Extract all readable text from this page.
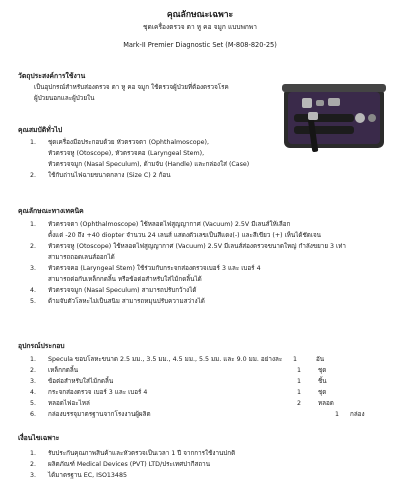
คุณลักษณะเฉพาะ
ชุดเครื่องตรวจ ตา หู คอ จมูก แบบพกพา
Mark-II Premier Diagnostic Set (M-808-820-25)
วัตถุประสงค์การใช้งาน
เป็นอุปกรณ์สำหรับส่องตรวจ ตา หู คอ จมูก ใช้ตรวจผู้ป่วยที่ต้องตรวจโรค
ผู้ป่วยนอกและผู้ป่วยใน
คุณสมบัติทั่วไป
1. ชุดเครื่องมือประกอบด้วย หัวตรวจตา (Ophthalmoscope),
หัวตรวจหู (Otoscope), หัวตรวจคอ (Laryngeal Stem),
หัวตรวจจมูก (Nasal Speculum), ด้ามจับ (Handle) และกล่องใส่ (Case)
2. ใช้กับถ่านไฟฉายขนาดกลาง (Size C) 2 ก้อน
คุณลักษณะทางเทคนิค
1. หัวตรวจตา (Ophthalmoscope) ใช้หลอดไฟสูญญากาศ (Vacuum) 2.5V มีเลนส์ให้เลือก
ตั้งแต่ -20 ถึง +40 diopter จำนวน 24 เลนส์ แสดงตัวเลขเป็นสีแดง(-) และสีเขียว (+) เห็นได้ชัดเจน
2. หัวตรวจหู (Otoscope) ใช้หลอดไฟสูญญากาศ (Vacuum) 2.5V มีเลนส์ส่องตรวจขนาดใหญ่ กำลังขยาย 3 เท่า
สามารถถอดเลนส์ออกได้
3. หัวตรวจคอ (Laryngeal Stem) ใช้ร่วมกับกระจกส่องตรวจเบอร์ 3 และ เบอร์ 4
สามารถต่อกับเหล็กกดลิ้น หรือข้อต่อสำหรับใส่ไม้กดลิ้นได้
4. หัวตรวจจมูก (Nasal Speculum) สามารถปรับกว้างได้
5. ด้ามจับตัวโลหะไม่เป็นสนิม สามารถหมุนปรับความสว่างได้
อุปกรณ์ประกอบ
1. Specula ขอบโลหะขนาด 2.5 มม., 3.5 มม., 4.5 มม., 5.5 มม. และ 9.0 มม. อย่างละ	1	อัน
2. เหล็กกดลิ้น	1	ชุด
3. ข้อต่อสำหรับใส่ไม้กดลิ้น	1	ชิ้น
4. กระจกส่องตรวจ เบอร์ 3 และ เบอร์ 4	1	ชุด
5. หลอดไฟอะไหล่	2	หลอด
6. กล่องบรรจุมาตรฐานจากโรงงานผู้ผลิต	1	กล่อง
เงื่อนไขเฉพาะ
1. รับประกันคุณภาพสินค้าและหัวตรวจเป็นเวลา 1 ปี จากการใช้งานปกติ
2. ผลิตภัณฑ์ Medical Devices (PVT) LTD/ประเทศปากีสถาน
3. ได้มาตรฐาน EC, ISO13485
